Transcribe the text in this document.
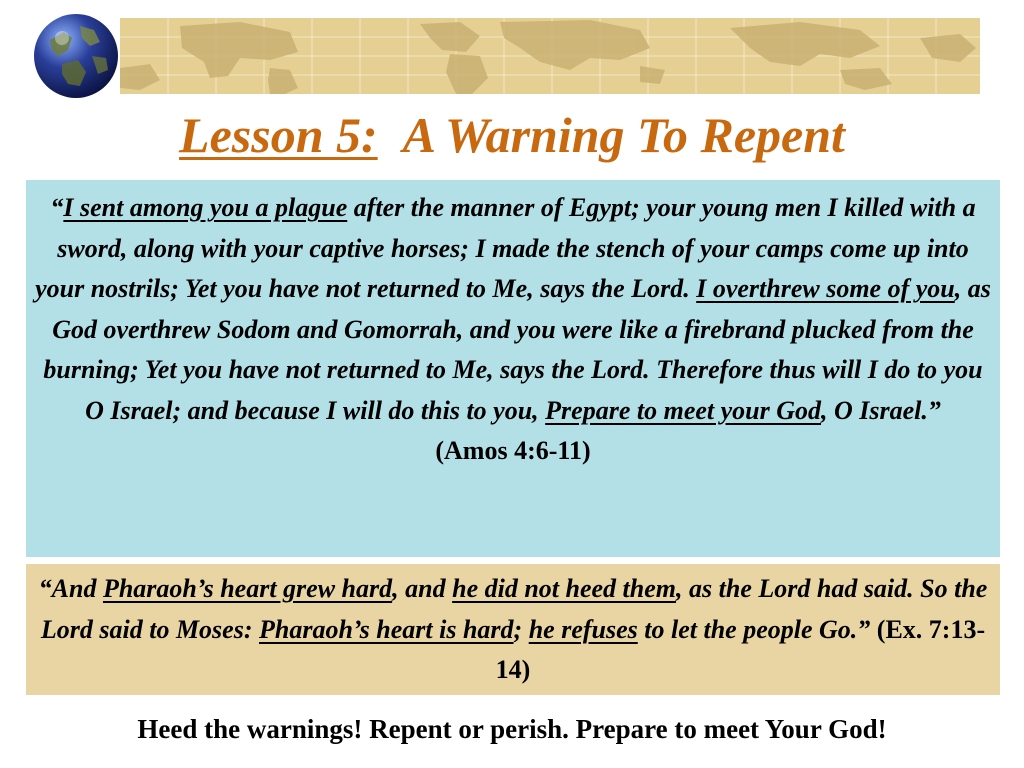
Lesson 5: A Warning To Repent
“I sent among you a plague after the manner of Egypt; your young men I killed with a sword, along with your captive horses; I made the stench of your camps come up into your nostrils; Yet you have not returned to Me, says the Lord. I overthrew some of you, as God overthrew Sodom and Gomorrah, and you were like a firebrand plucked from the burning; Yet you have not returned to Me, says the Lord. Therefore thus will I do to you O Israel; and because I will do this to you, Prepare to meet your God, O Israel.”
(Amos 4:6-11)
“And Pharaoh’s heart grew hard, and he did not heed them, as the Lord had said. So the Lord said to Moses: Pharaoh’s heart is hard; he refuses to let the people Go.” (Ex. 7:13-14)
Heed the warnings! Repent or perish. Prepare to meet Your God!
